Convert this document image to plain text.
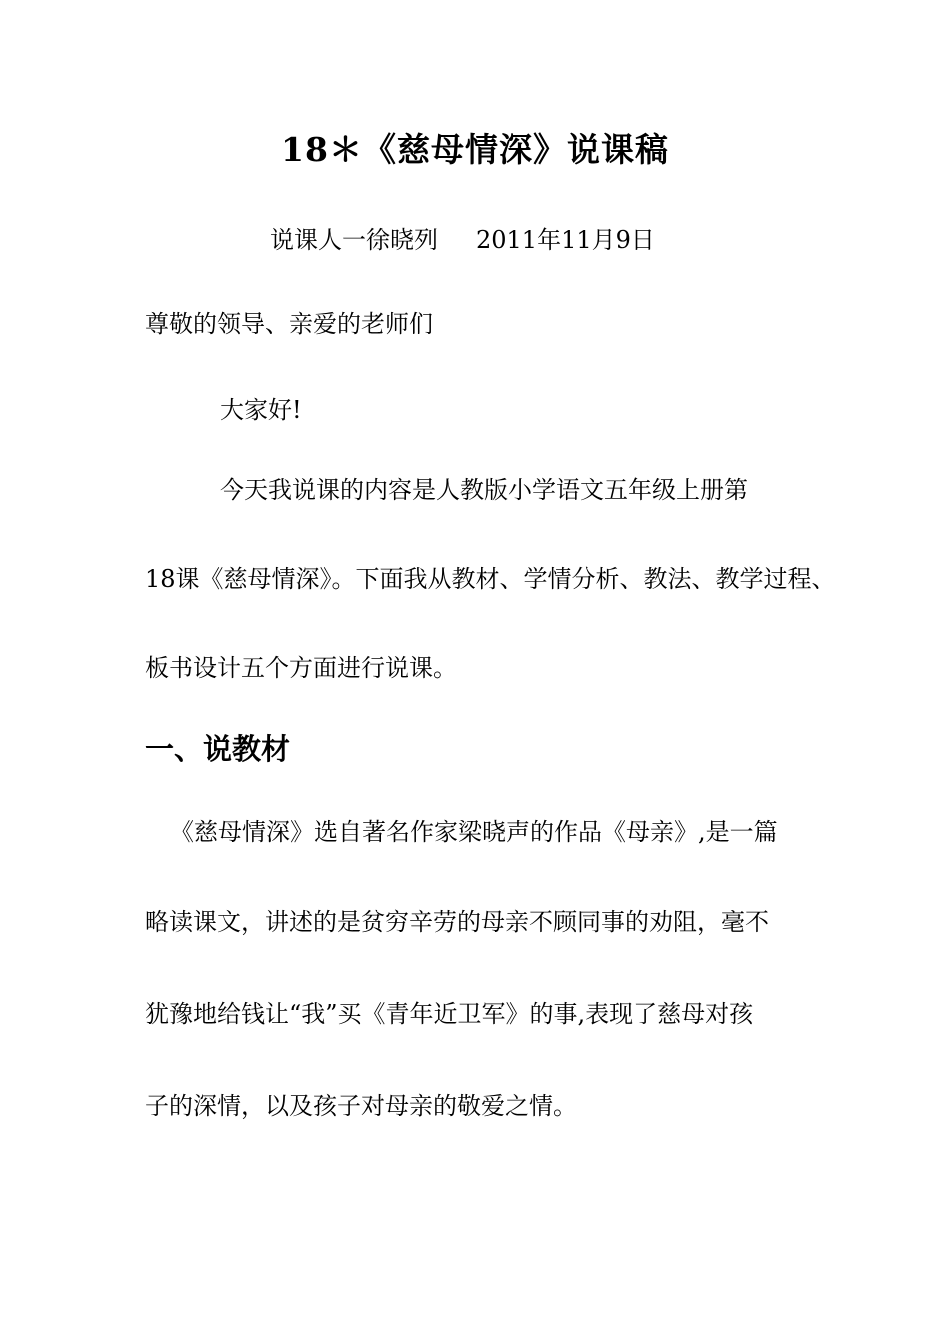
18＊《慈母情深》说课稿
说课人一徐晓列 2011年11月9日
尊敬的领导、亲爱的老师们
大家好!
今天我说课的内容是人教版小学语文五年级上册第
18课《慈母情深》。下面我从教材、学情分析、教法、教学过程、
板书设计五个方面进行说课。
一、说教材
《慈母情深》选自著名作家梁晓声的作品《母亲》,是一篇
略读课文，讲述的是贫穷辛劳的母亲不顾同事的劝阻，毫不
犹豫地给钱让“我”买《青年近卫军》的事,表现了慈母对孩
子的深情，以及孩子对母亲的敬爱之情。
